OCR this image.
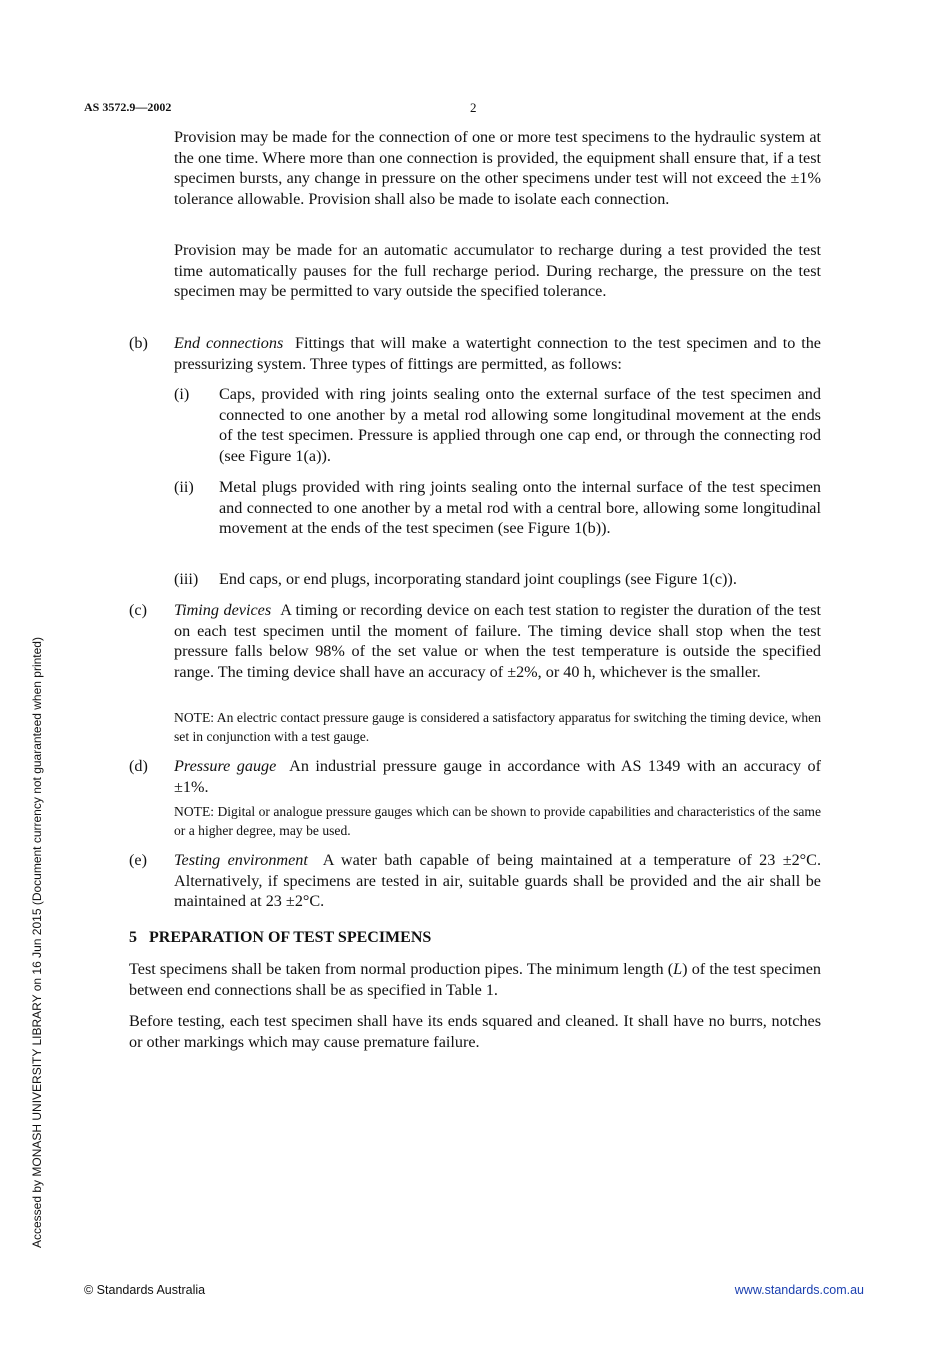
AS 3572.9—2002	2
Accessed by MONASH UNIVERSITY LIBRARY on 16 Jun 2015 (Document currency not guaranteed when printed)

Provision may be made for the connection of one or more test specimens to the hydraulic system at the one time. Where more than one connection is provided, the equipment shall ensure that, if a test specimen bursts, any change in pressure on the other specimens under test will not exceed the ±1% tolerance allowable. Provision shall also be made to isolate each connection.

Provision may be made for an automatic accumulator to recharge during a test provided the test time automatically pauses for the full recharge period. During recharge, the pressure on the test specimen may be permitted to vary outside the specified tolerance.

(b) End connections Fittings that will make a watertight connection to the test specimen and to the pressurizing system. Three types of fittings are permitted, as follows:

(i) Caps, provided with ring joints sealing onto the external surface of the test specimen and connected to one another by a metal rod allowing some longitudinal movement at the ends of the test specimen. Pressure is applied through one cap end, or through the connecting rod (see Figure 1(a)).

(ii) Metal plugs provided with ring joints sealing onto the internal surface of the test specimen and connected to one another by a metal rod with a central bore, allowing some longitudinal movement at the ends of the test specimen (see Figure 1(b)).

(iii) End caps, or end plugs, incorporating standard joint couplings (see Figure 1(c)).

(c) Timing devices A timing or recording device on each test station to register the duration of the test on each test specimen until the moment of failure. The timing device shall stop when the test pressure falls below 98% of the set value or when the test temperature is outside the specified range. The timing device shall have an accuracy of ±2%, or 40 h, whichever is the smaller.

NOTE: An electric contact pressure gauge is considered a satisfactory apparatus for switching the timing device, when set in conjunction with a test gauge.
(d) Pressure gauge An industrial pressure gauge in accordance with AS 1349 with an accuracy of ±1%.

NOTE: Digital or analogue pressure gauges which can be shown to provide capabilities and characteristics of the same or a higher degree, may be used.
(e) Testing environment A water bath capable of being maintained at a temperature of 23 ±2°C. Alternatively, if specimens are tested in air, suitable guards shall be provided and the air shall be maintained at 23 ±2°C.

5   PREPARATION OF TEST SPECIMENS

Test specimens shall be taken from normal production pipes. The minimum length (L) of the test specimen between end connections shall be as specified in Table 1.

Before testing, each test specimen shall have its ends squared and cleaned. It shall have no burrs, notches or other markings which may cause premature failure.

© Standards Australia	www.standards.com.au
